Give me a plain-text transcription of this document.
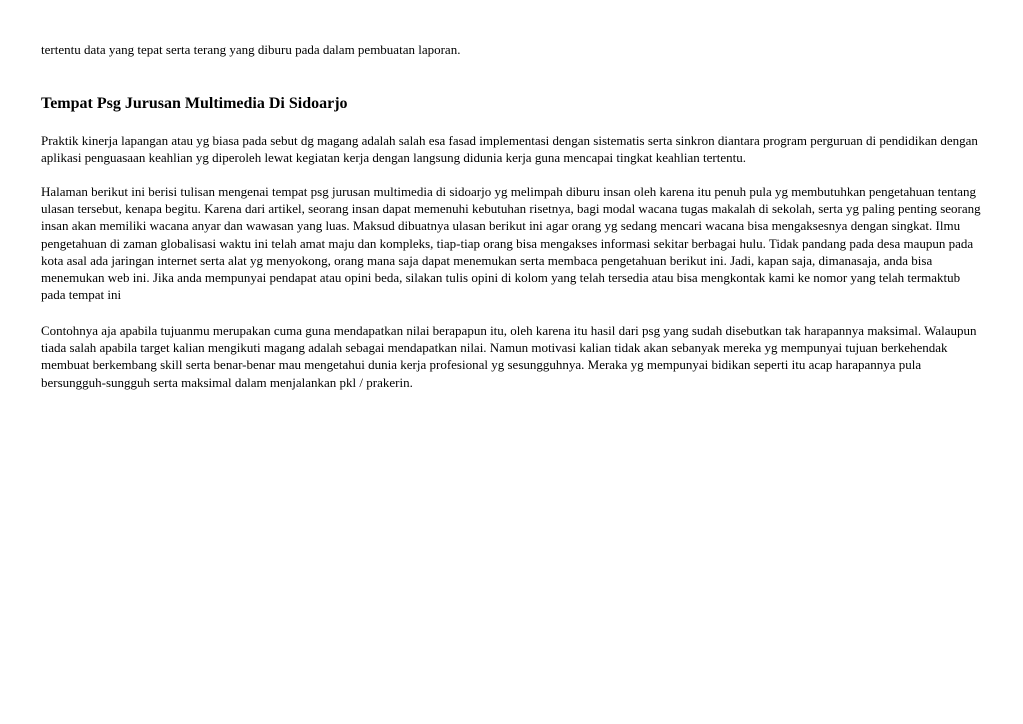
tertentu data yang tepat serta terang yang diburu pada dalam pembuatan laporan.

Tempat Psg Jurusan Multimedia Di Sidoarjo

Praktik kinerja lapangan atau yg biasa pada sebut dg magang adalah salah esa fasad implementasi dengan sistematis serta sinkron diantara program perguruan di pendidikan dengan aplikasi penguasaan keahlian yg diperoleh lewat kegiatan kerja dengan langsung didunia kerja guna mencapai tingkat keahlian tertentu.

Halaman berikut ini berisi tulisan mengenai tempat psg jurusan multimedia di sidoarjo yg melimpah diburu insan oleh karena itu penuh pula yg membutuhkan pengetahuan tentang ulasan tersebut, kenapa begitu. Karena dari artikel, seorang insan dapat memenuhi kebutuhan risetnya, bagi modal wacana tugas makalah di sekolah, serta yg paling penting seorang insan akan memiliki wacana anyar dan wawasan yang luas. Maksud dibuatnya ulasan berikut ini agar orang yg sedang mencari wacana bisa mengaksesnya dengan singkat. Ilmu pengetahuan di zaman globalisasi waktu ini telah amat maju dan kompleks, tiap-tiap orang bisa mengakses informasi sekitar berbagai hulu. Tidak pandang pada desa maupun pada kota asal ada jaringan internet serta alat yg menyokong, orang mana saja dapat menemukan serta membaca pengetahuan berikut ini. Jadi, kapan saja, dimanasaja, anda bisa menemukan web ini. Jika anda mempunyai pendapat atau opini beda, silakan tulis opini di kolom yang telah tersedia atau bisa mengkontak kami ke nomor yang telah termaktub pada tempat ini

Contohnya aja apabila tujuanmu merupakan cuma guna mendapatkan nilai berapapun itu, oleh karena itu hasil dari psg yang sudah disebutkan tak harapannya maksimal. Walaupun tiada salah apabila target kalian mengikuti magang adalah sebagai mendapatkan nilai. Namun motivasi kalian tidak akan sebanyak mereka yg mempunyai tujuan berkehendak membuat berkembang skill serta benar-benar mau mengetahui dunia kerja profesional yg sesungguhnya. Meraka yg mempunyai bidikan seperti itu acap harapannya pula bersungguh-sungguh serta maksimal dalam menjalankan pkl / prakerin.
